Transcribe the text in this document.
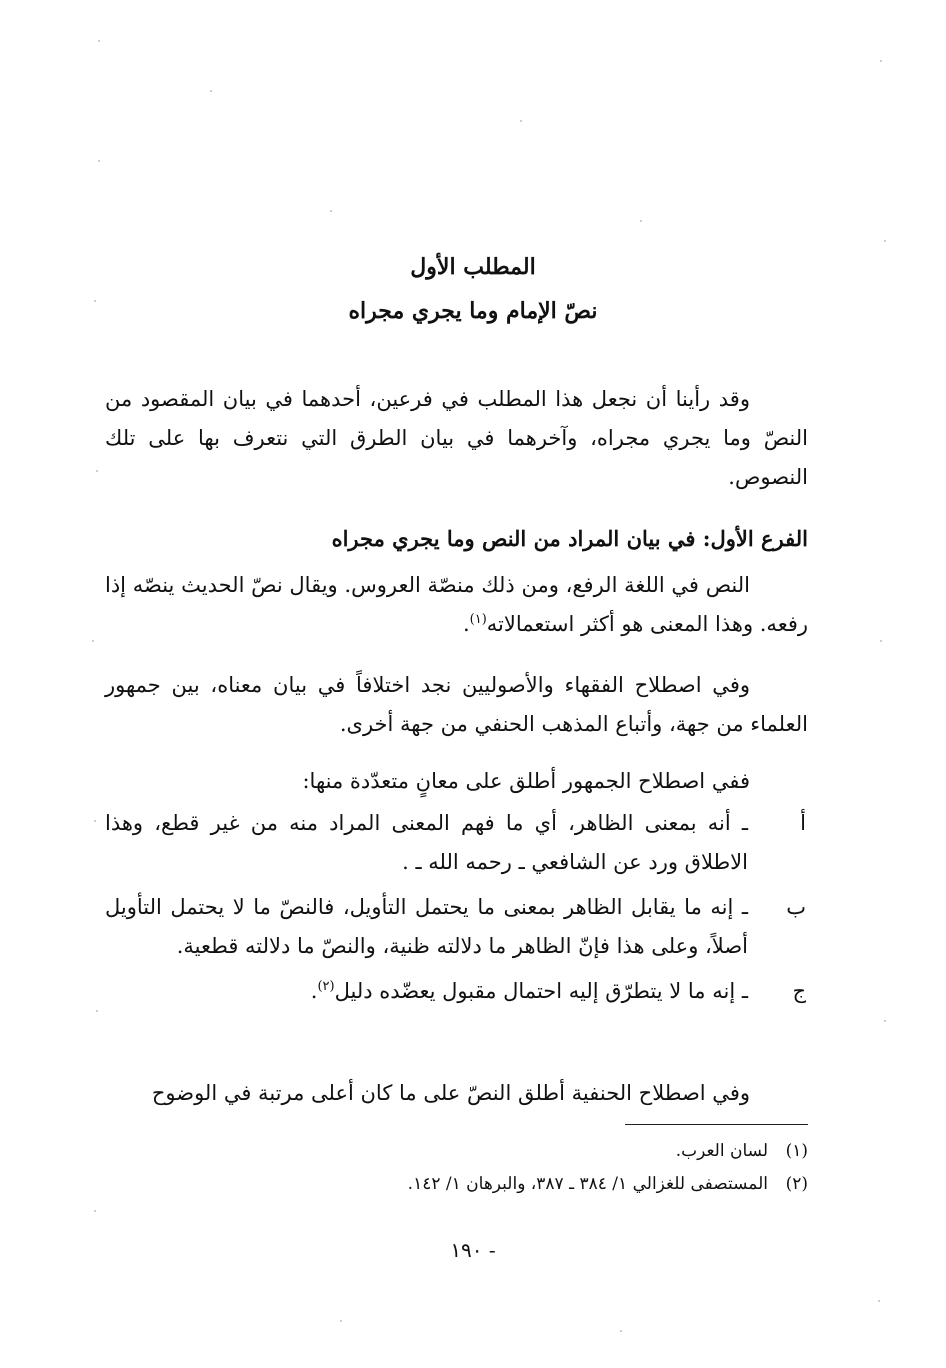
المطلب الأول
نصّ الإمام وما يجري مجراه

وقد رأينا أن نجعل هذا المطلب في فرعين، أحدهما في بيان المقصود من النصّ وما يجري مجراه، وآخرهما في بيان الطرق التي نتعرف بها على تلك النصوص.

الفرع الأول: في بيان المراد من النص وما يجري مجراه

النص في اللغة الرفع، ومن ذلك منصّة العروس. ويقال نصّ الحديث ينصّه إذا رفعه. وهذا المعنى هو أكثر استعمالاته$^{(١)}$.

وفي اصطلاح الفقهاء والأصوليين نجد اختلافاً في بيان معناه، بين جمهور العلماء من جهة، وأتباع المذهب الحنفي من جهة أخرى.

ففي اصطلاح الجمهور أطلق على معانٍ متعدّدة منها:

أ
ـ أنه بمعنى الظاهر، أي ما فهم المعنى المراد منه من غير قطع، وهذا الاطلاق ورد عن الشافعي ـ رحمه الله ـ .
ب
ـ إنه ما يقابل الظاهر بمعنى ما يحتمل التأويل، فالنصّ ما لا يحتمل التأويل أصلاً، وعلى هذا فإنّ الظاهر ما دلالته ظنية، والنصّ ما دلالته قطعية.
ج
ـ إنه ما لا يتطرّق إليه احتمال مقبول يعضّده دليل$^{(٢)}$.

وفي اصطلاح الحنفية أطلق النصّ على ما كان أعلى مرتبة في الوضوح

(١)لسان العرب.
(٢)المستصفى للغزالي ١/ ٣٨٤ ـ ٣٨٧، والبرهان ١/ ١٤٢.
- ١٩٠
